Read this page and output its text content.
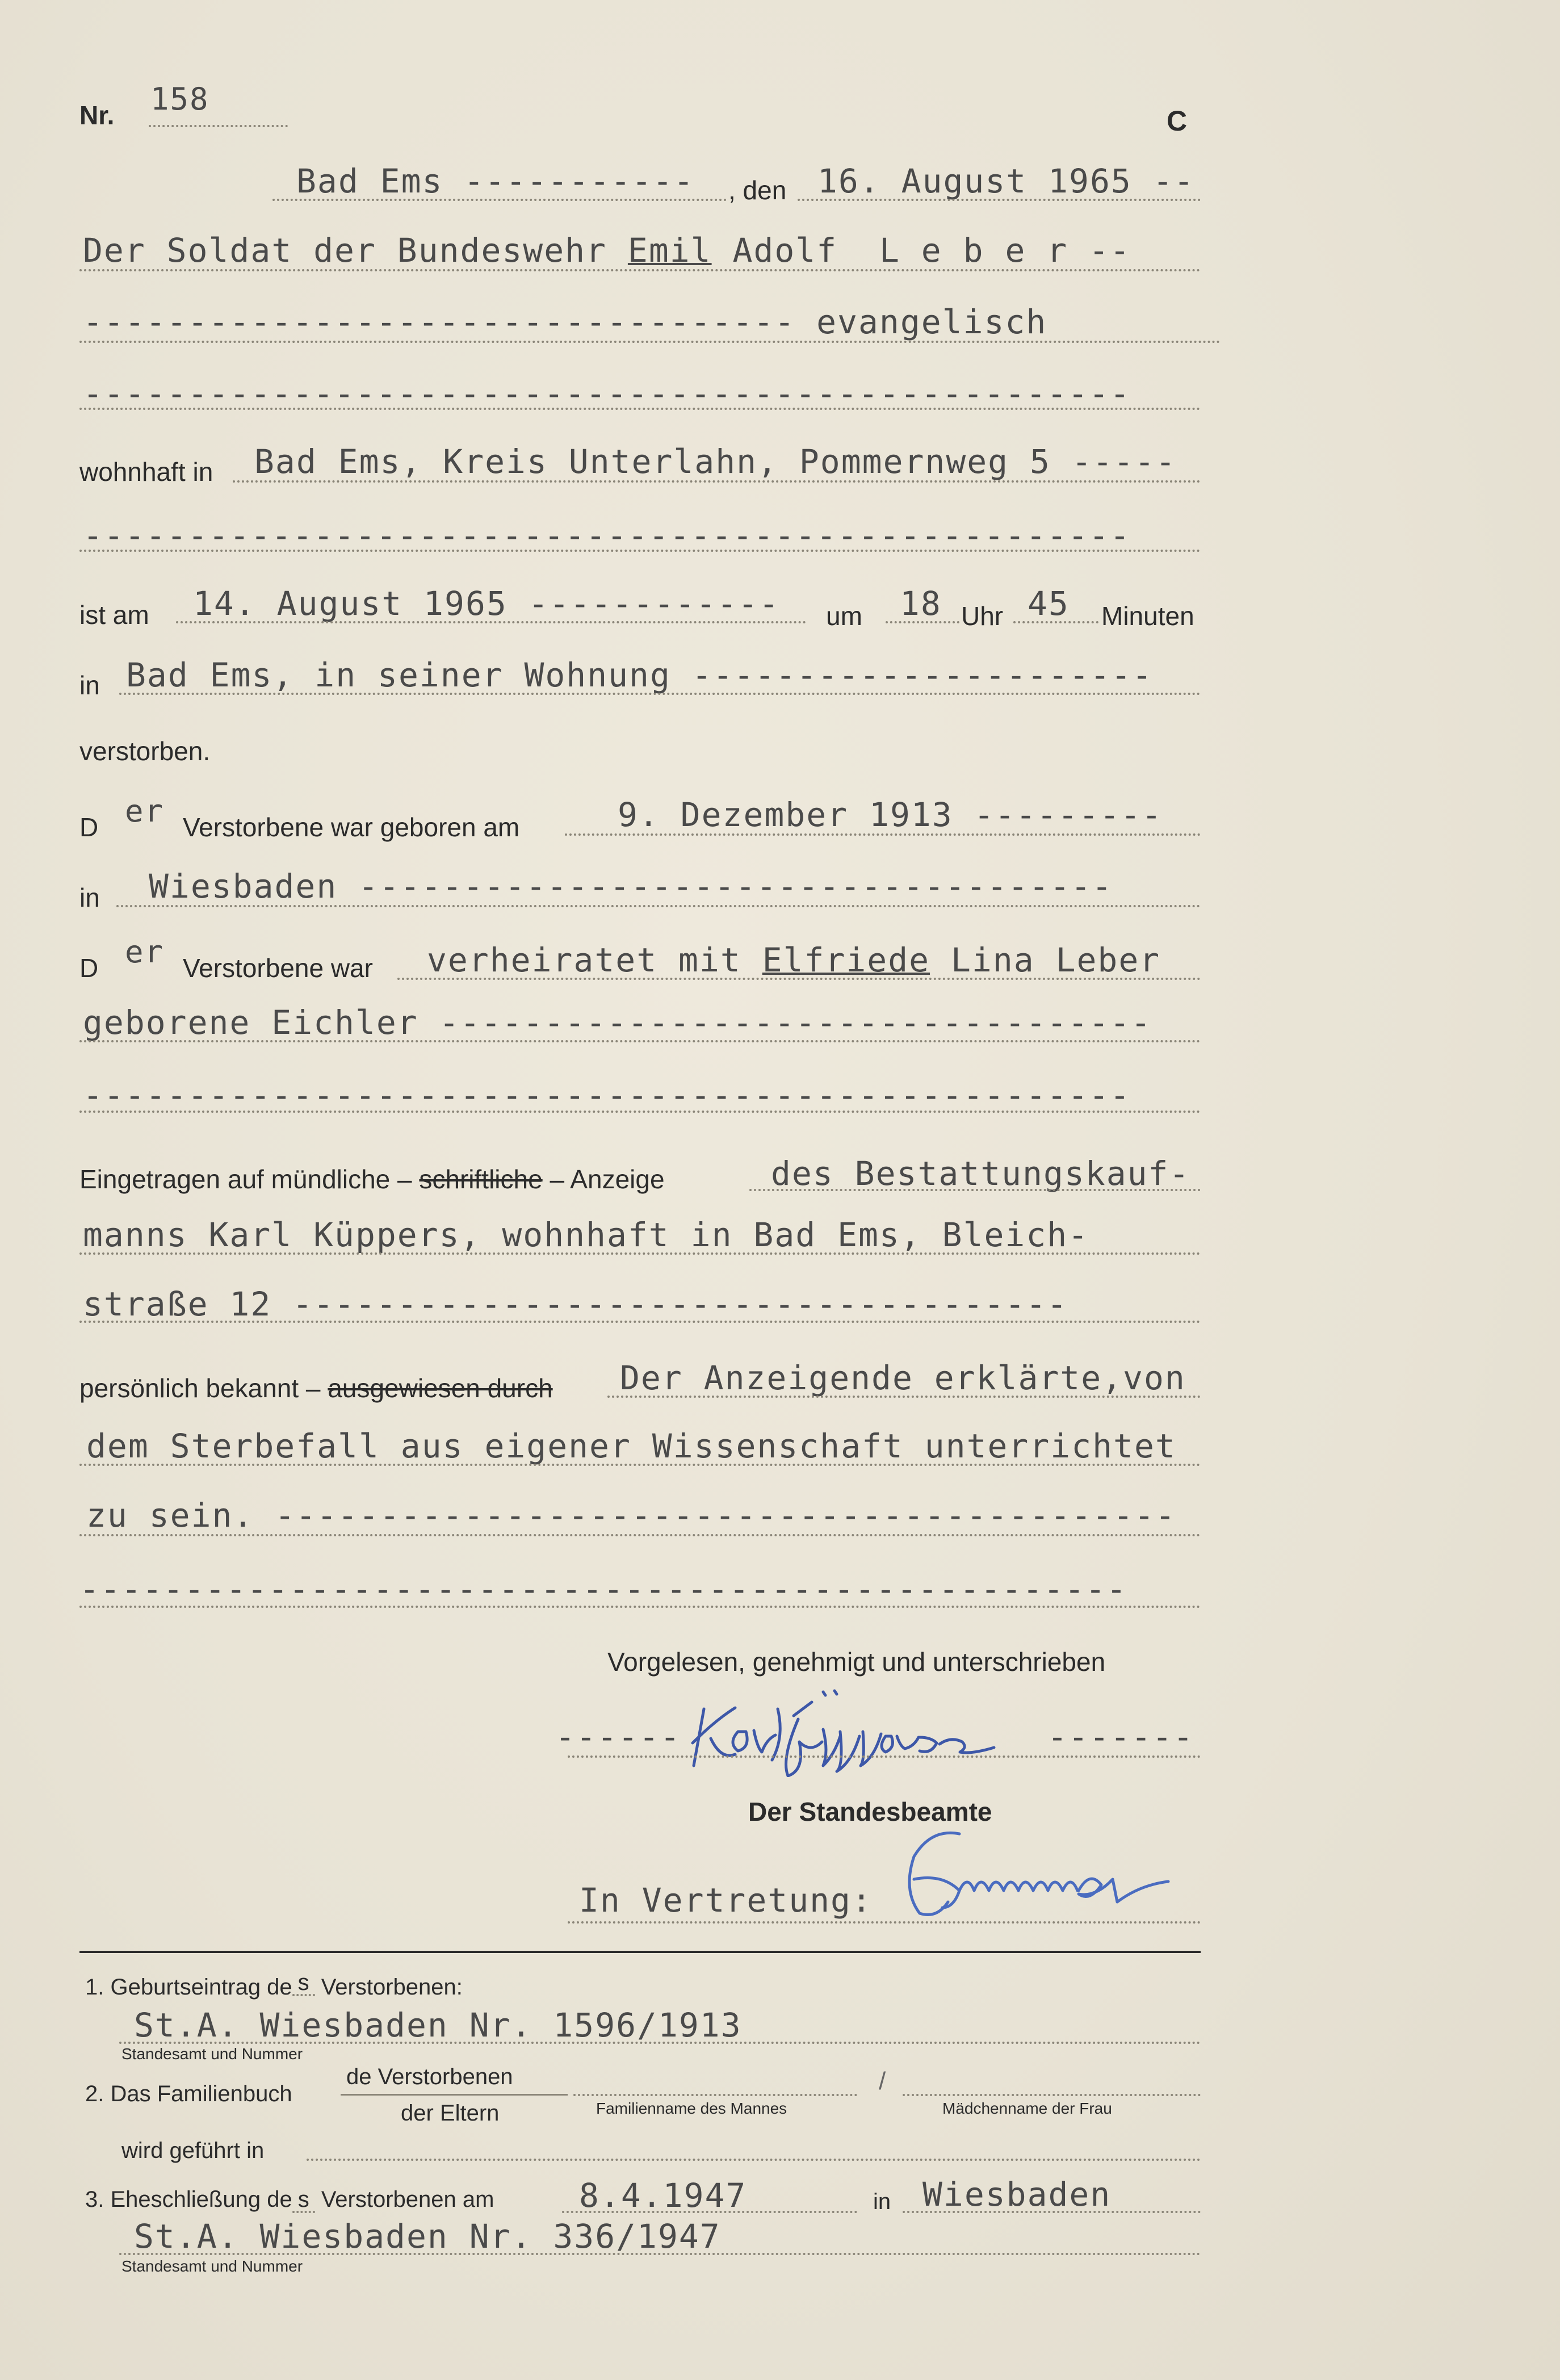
Nr. 158
C
Bad Ems ----------- , den 16. August 1965 --
Der Soldat der Bundeswehr Emil Adolf  L e b e r --
---------------------------------- evangelisch
--------------------------------------------------
wohnhaft in Bad Ems, Kreis Unterlahn, Pommernweg 5 -----
--------------------------------------------------
ist am 14. August 1965 ------------ um 18 Uhr 45 Minuten
in Bad Ems, in seiner Wohnung ----------------------
verstorben.
D er Verstorbene war geboren am	9. Dezember 1913 ---------
in Wiesbaden ------------------------------------
D er Verstorbene war verheiratet mit Elfriede Lina Leber
geborene Eichler ----------------------------------
--------------------------------------------------
Eingetragen auf mündliche – schriftliche – Anzeige	des Bestattungskauf-
manns Karl Küppers, wohnhaft in Bad Ems, Bleich-
straße 12 -------------------------------------
persönlich bekannt – ausgewiesen durch Der Anzeigende erklärte,von
dem Sterbefall aus eigener Wissenschaft unterrichtet
zu sein. -------------------------------------------
--------------------------------------------------
Vorgelesen, genehmigt und unterschrieben
------	-------
Der Standesbeamte
In Vertretung:
1. Geburtseintrag de s Verstorbenen:
St.A. Wiesbaden Nr. 1596/1913
Standesamt und Nummer
2. Das Familienbuch
de Verstorbenen
der Eltern	Familienname des Mannes
/
Mädchenname der Frau
wird geführt in
3. Eheschließung de s Verstorbenen am	8.4.1947	in Wiesbaden
St.A. Wiesbaden Nr. 336/1947
Standesamt und Nummer
